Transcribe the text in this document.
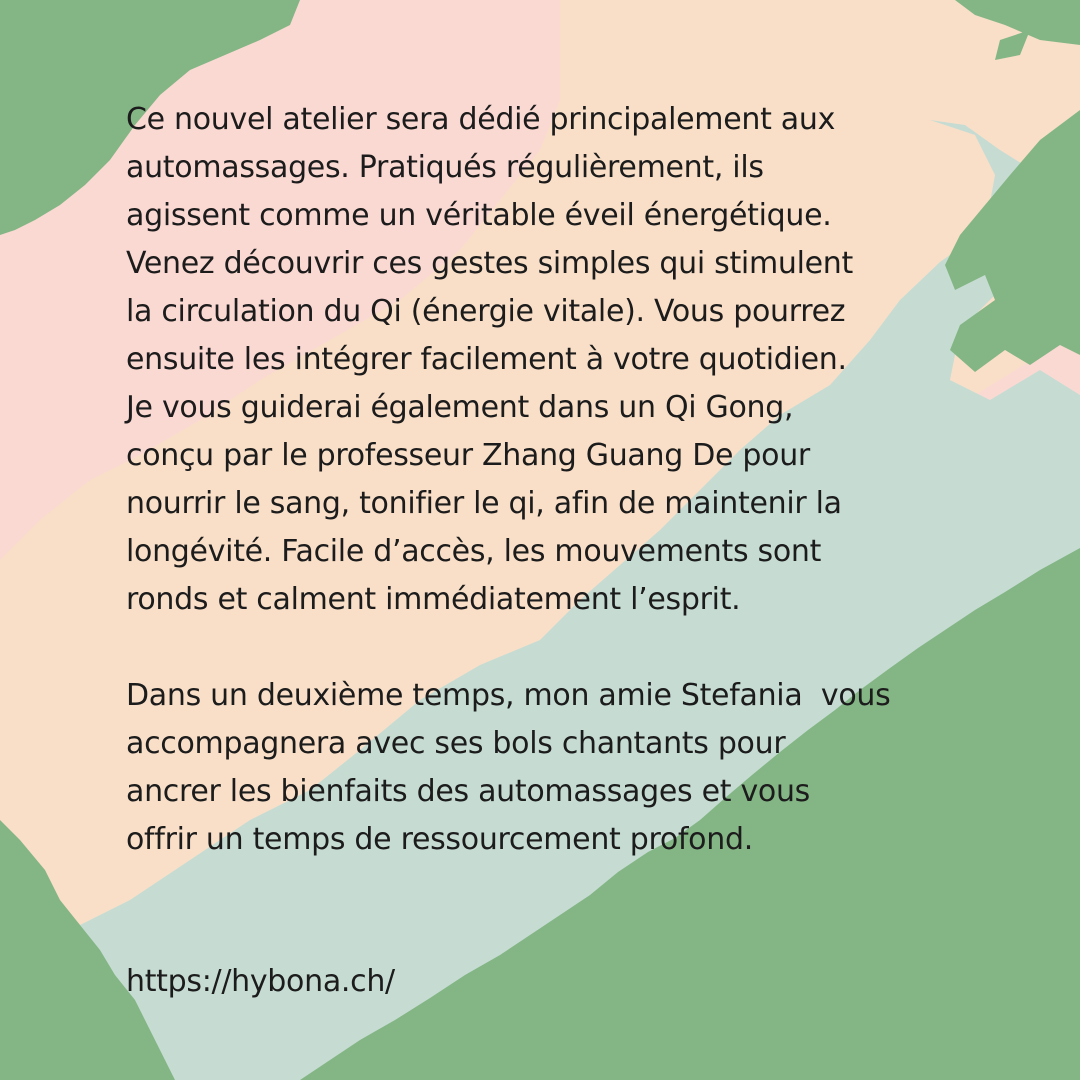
Ce nouvel atelier sera dédié principalement aux
automassages. Pratiqués régulièrement, ils
agissent comme un véritable éveil énergétique.
Venez découvrir ces gestes simples qui stimulent
la circulation du Qi (énergie vitale). Vous pourrez
ensuite les intégrer facilement à votre quotidien.
Je vous guiderai également dans un Qi Gong,
conçu par le professeur Zhang Guang De pour
nourrir le sang, tonifier le qi, afin de maintenir la
longévité. Facile d’accès, les mouvements sont
ronds et calment immédiatement l’esprit.
Dans un deuxième temps, mon amie Stefania  vous
accompagnera avec ses bols chantants pour
ancrer les bienfaits des automassages et vous
offrir un temps de ressourcement profond.
https://hybona.ch/
